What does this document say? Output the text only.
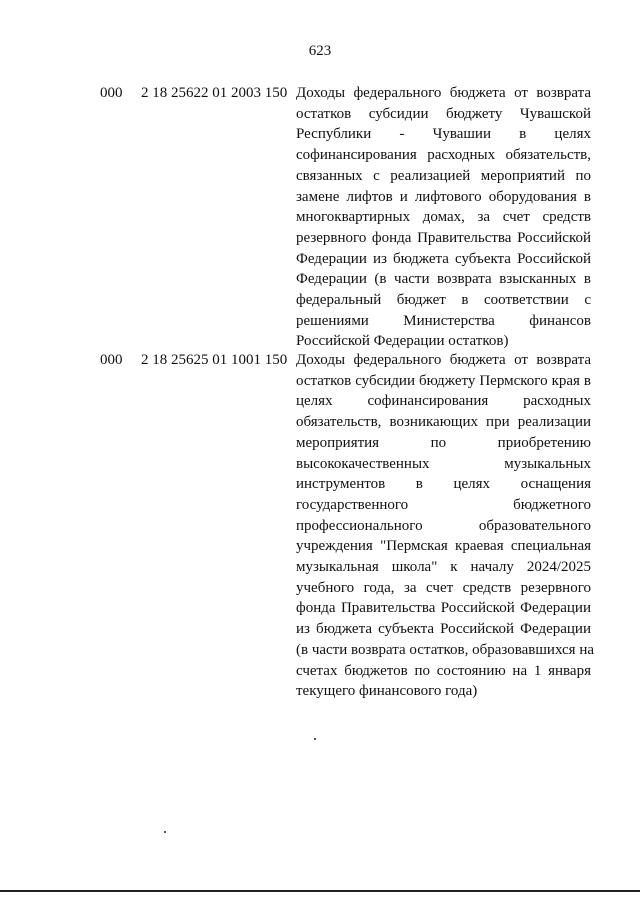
623
000 2 18 25622 01 2003 150 Доходы федерального бюджета от возврата
остатков субсидии бюджету Чувашской
Республики - Чувашии в целях
софинансирования расходных обязательств,
связанных с реализацией мероприятий по
замене лифтов и лифтового оборудования в
многоквартирных домах, за счет средств
резервного фонда Правительства Российской
Федерации из бюджета субъекта Российской
Федерации (в части возврата взысканных в
федеральный бюджет в соответствии с
решениями Министерства финансов
Российской Федерации остатков)
000 2 18 25625 01 1001 150 Доходы федерального бюджета от возврата
остатков субсидии бюджету Пермского края в
целях софинансирования расходных
обязательств, возникающих при реализации
мероприятия по приобретению
высококачественных музыкальных
инструментов в целях оснащения
государственного бюджетного
профессионального образовательного
учреждения "Пермская краевая специальная
музыкальная школа" к началу 2024/2025
учебного года, за счет средств резервного
фонда Правительства Российской Федерации
из бюджета субъекта Российской Федерации
(в части возврата остатков, образовавшихся на
счетах бюджетов по состоянию на 1 января
текущего финансового года)
